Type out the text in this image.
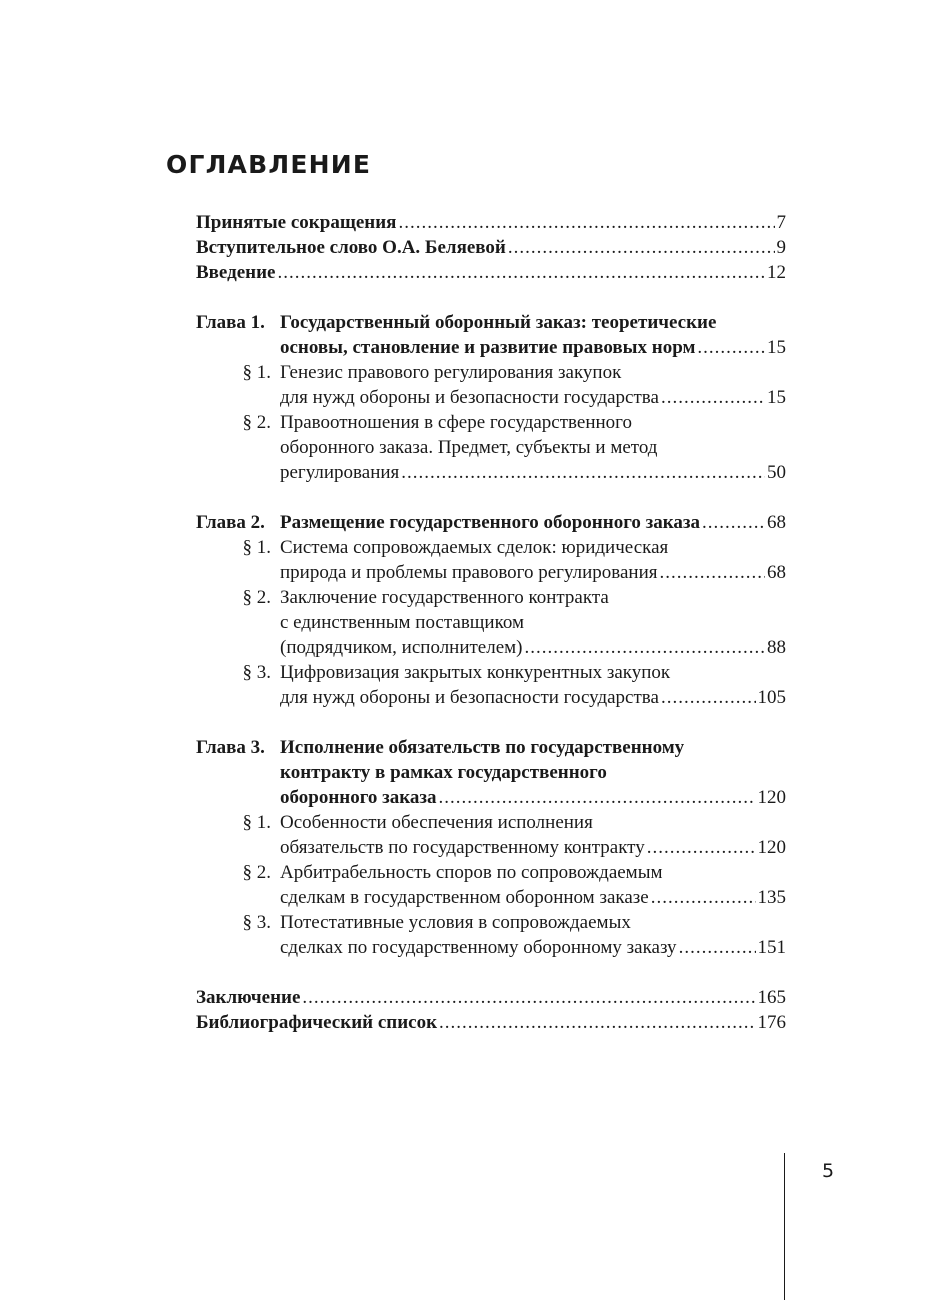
ОГЛАВЛЕНИЕ
Принятые сокращения .....	7
Вступительное слово О.А. Беляевой .....	9
Введение .....	12
Глава 1. Государственный оборонный заказ: теоретические
основы, становление и развитие правовых норм .....	15
§ 1. Генезис правового регулирования закупок
для нужд обороны и безопасности государства .....	15
§ 2. Правоотношения в сфере государственного
оборонного заказа. Предмет, субъекты и метод
регулирования .....	50
Глава 2. Размещение государственного оборонного заказа .....	68
§ 1. Система сопровождаемых сделок: юридическая
природа и проблемы правового регулирования .....	68
§ 2. Заключение государственного контракта
с единственным поставщиком
(подрядчиком, исполнителем) .....	88
§ 3. Цифровизация закрытых конкурентных закупок
для нужд обороны и безопасности государства .....	105
Глава 3. Исполнение обязательств по государственному
контракту в рамках государственного
оборонного заказа .....	120
§ 1. Особенности обеспечения исполнения
обязательств по государственному контракту .....	120
§ 2. Арбитрабельность споров по сопровождаемым
сделкам в государственном оборонном заказе .....	135
§ 3. Потестативные условия в сопровождаемых
сделках по государственному оборонному заказу .....	151
Заключение .....	165
Библиографический список .....	176
5
